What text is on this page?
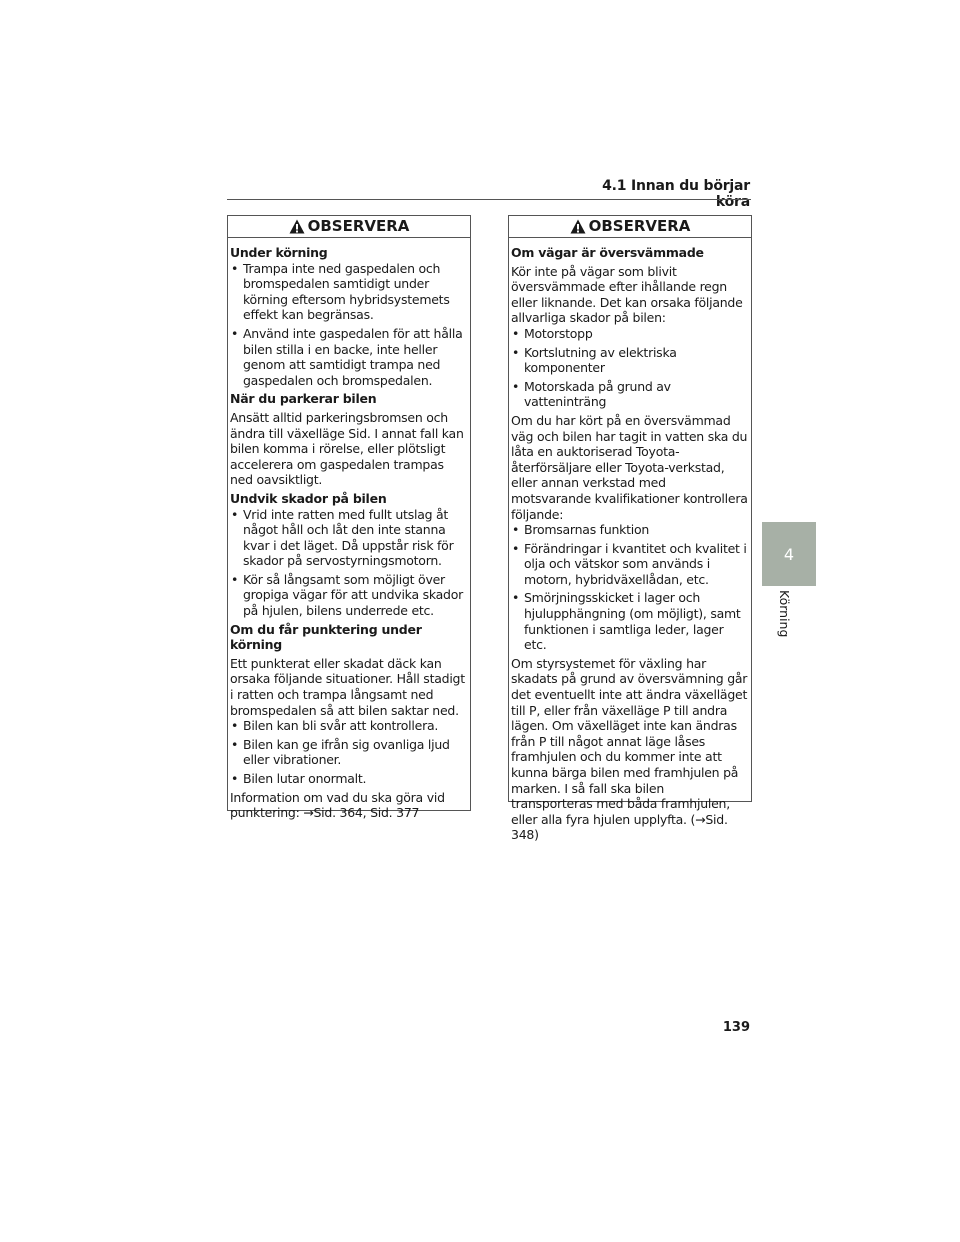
4.1 Innan du börjar köra
OBSERVERA
Under körning
• Trampa inte ned gaspedalen och bromspedalen samtidigt under körning eftersom hybridsystemets effekt kan begränsas.
• Använd inte gaspedalen för att hålla bilen stilla i en backe, inte heller genom att samtidigt trampa ned gaspedalen och bromspedalen.
När du parkerar bilen
Ansätt alltid parkeringsbromsen och ändra till växelläge Sid. I annat fall kan bilen komma i rörelse, eller plötsligt accelerera om gaspedalen trampas ned oavsiktligt.
Undvik skador på bilen
• Vrid inte ratten med fullt utslag åt något håll och låt den inte stanna kvar i det läget. Då uppstår risk för skador på servostyrningsmotorn.
• Kör så långsamt som möjligt över gropiga vägar för att undvika skador på hjulen, bilens underrede etc.
Om du får punktering under körning
Ett punkterat eller skadat däck kan orsaka följande situationer. Håll stadigt i ratten och trampa långsamt ned bromspedalen så att bilen saktar ned.
• Bilen kan bli svår att kontrollera.
• Bilen kan ge ifrån sig ovanliga ljud eller vibrationer.
• Bilen lutar onormalt.
Information om vad du ska göra vid punktering: →Sid. 364, Sid. 377
OBSERVERA
Om vägar är översvämmade
Kör inte på vägar som blivit översvämmade efter ihållande regn eller liknande. Det kan orsaka följande allvarliga skador på bilen:
• Motorstopp
• Kortslutning av elektriska komponenter
• Motorskada på grund av vatteninträng
Om du har kört på en översvämmad väg och bilen har tagit in vatten ska du låta en auktoriserad Toyota-återförsäljare eller Toyota-verkstad, eller annan verkstad med motsvarande kvalifikationer kontrollera följande:
• Bromsarnas funktion
• Förändringar i kvantitet och kvalitet i olja och vätskor som används i motorn, hybridväxellådan, etc.
• Smörjningsskicket i lager och hjulupphängning (om möjligt), samt funktionen i samtliga leder, lager etc.
Om styrsystemet för växling har skadats på grund av översvämning går det eventuellt inte att ändra växelläget till P, eller från växelläge P till andra lägen. Om växelläget inte kan ändras från P till något annat läge låses framhjulen och du kommer inte att kunna bärga bilen med framhjulen på marken. I så fall ska bilen transporteras med båda framhjulen, eller alla fyra hjulen upplyfta. (→Sid. 348)
4
Körning
139
